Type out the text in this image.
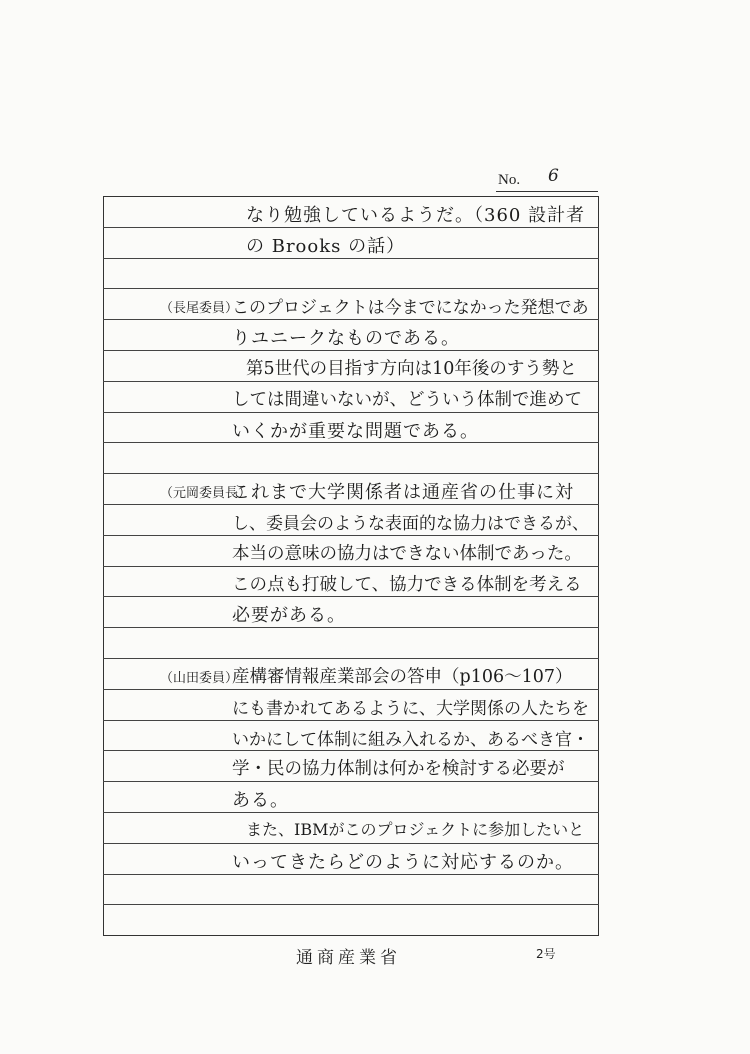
No. 6
なり勉強しているようだ。（360 設計者
の Brooks の話）
（長尾委員）
このプロジェクトは今までになかった発想であ
りユニークなものである。
第5世代の目指す方向は10年後のすう勢と
しては間違いないが、どういう体制で進めて
いくかが重要な問題である。
（元岡委員長）
これまで大学関係者は通産省の仕事に対
し、委員会のような表面的な協力はできるが、
本当の意味の協力はできない体制であった。
この点も打破して、協力できる体制を考える
必要がある。
（山田委員）
産構審情報産業部会の答申（p106〜107）
にも書かれてあるように、大学関係の人たちを
いかにして体制に組み入れるか、あるべき官・
学・民の協力体制は何かを検討する必要が
ある。
また、IBMがこのプロジェクトに参加したいと
いってきたらどのように対応するのか。
通商産業省	2号
